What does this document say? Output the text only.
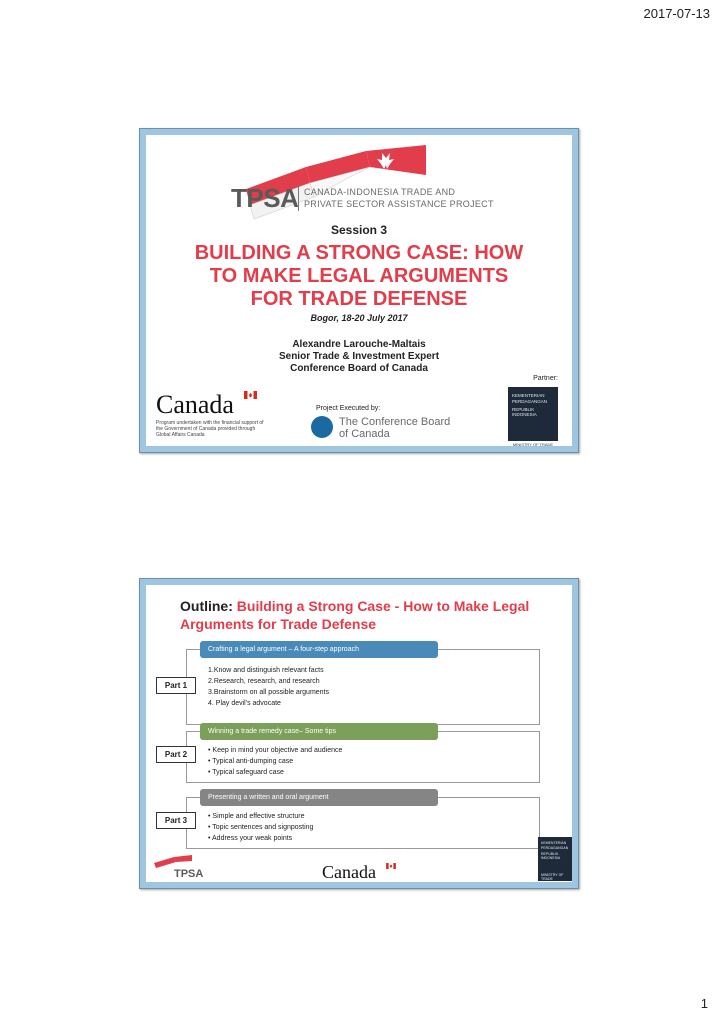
2017-07-13
TPSA CANADA-INDONESIA TRADE AND
PRIVATE SECTOR ASSISTANCE PROJECT
Session 3
BUILDING A STRONG CASE: HOW
TO MAKE LEGAL ARGUMENTS
FOR TRADE DEFENSE
Bogor, 18-20 July 2017
Alexandre Larouche-Maltais
Senior Trade & Investment Expert
Conference Board of Canada
Partner:
KEMENTERIAN
PERDAGANGAN
REPUBLIK INDONESIA
MINISTRY OF TRADE
Canada
Program undertaken with the financial support of the Government of Canada provided through Global Affairs Canada
Project Executed by:
The Conference Board
of Canada
Outline: Building a Strong Case - How to Make Legal Arguments for Trade Defense
Crafting a legal argument – A four-step approach
Part 1
1.Know and distinguish relevant facts
2.Research, research, and research
3.Brainstorm on all possible arguments
4. Play devil's advocate
Winning a trade remedy case– Some tips
Part 2	• Keep in mind your objective and audience
• Typical anti-dumping case
• Typical safeguard case
Presenting a written and oral argument
Part 3	• Simple and effective structure
• Topic sentences and signposting
• Address your weak points
TPSA	Canada
KEMENTERIAN
PERDAGANGAN
REPUBLIK INDONESIA
MINISTRY OF TRADE
1
